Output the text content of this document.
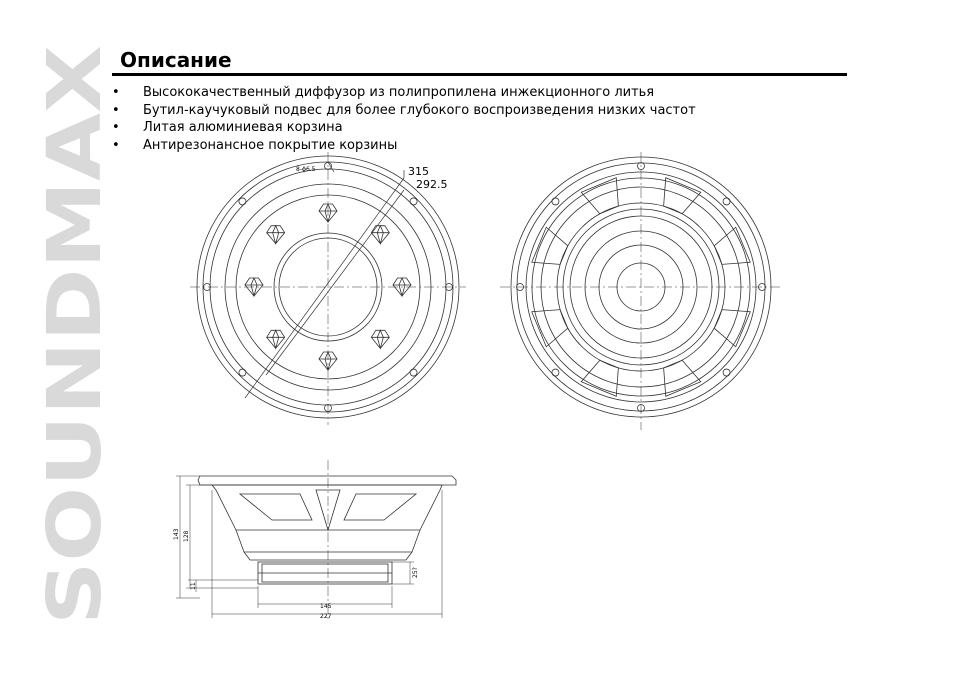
SOUNDMAX
Описание
• Высококачественный диффузор из полипропилена инжекционного литья
• Бутил-каучуковый подвес для более глубокого воспроизведения низких частот
• Литая алюминиевая корзина
• Антирезонансное покрытие корзины
8-ϕ6.5	315
292.5
143 128
11
25?
145
227
